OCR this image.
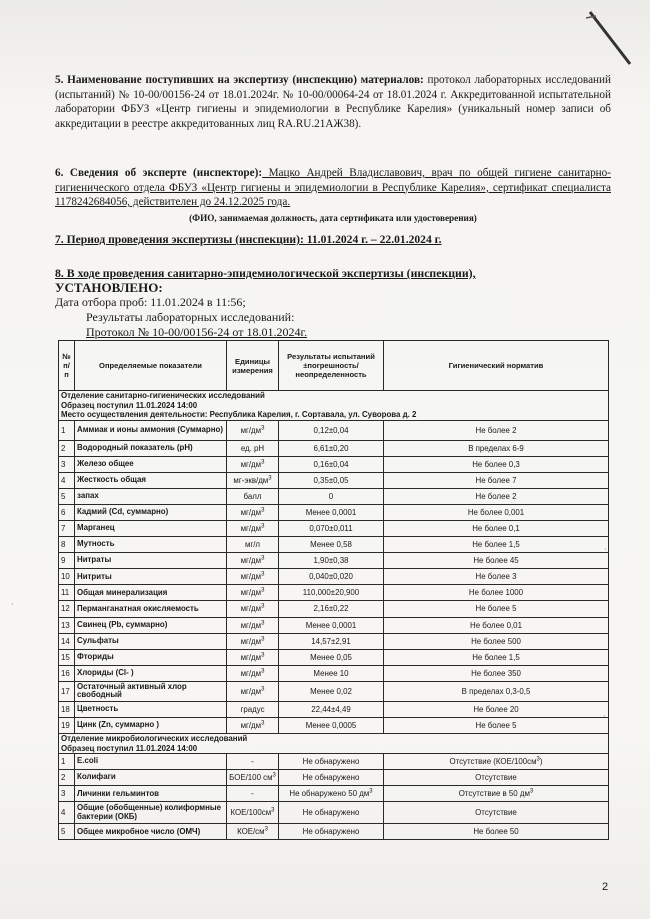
5. Наименование поступивших на экспертизу (инспекцию) материалов: протокол лабораторных исследований (испытаний) № 10-00/00156-24 от 18.01.2024г. № 10-00/00064-24 от 18.01.2024 г. Аккредитованной испытательной лаборатории ФБУЗ «Центр гигиены и эпидемиологии в Республике Карелия» (уникальный номер записи об аккредитации в реестре аккредитованных лиц RA.RU.21АЖ38).
6. Сведения об эксперте (инспекторе): Мацко Андрей Владиславович, врач по общей гигиене санитарно-гигиенического отдела ФБУЗ «Центр гигиены и эпидемиологии в Республике Карелия», сертификат специалиста 1178242684056, действителен до 24.12.2025 года.
(ФИО, занимаемая должность, дата сертификата или удостоверения)
7. Период проведения экспертизы (инспекции): 11.01.2024 г. – 22.01.2024 г.
8. В ходе проведения санитарно-эпидемиологической экспертизы (инспекции),
УСТАНОВЛЕНО:
Дата отбора проб: 11.01.2024 в 11:56;
Результаты лабораторных исследований:
Протокол № 10-00/00156-24 от 18.01.2024г.
№ п/п	Определяемые показатели	Единицы измерения	Результаты испытаний ±погрешность/ неопределенность	Гигиенический норматив

Отделение санитарно-гигиенических исследований
Образец поступил 11.01.2024 14:00
Место осуществления деятельности: Республика Карелия, г. Сортавала, ул. Суворова д. 2				

1	Аммиак и ионы аммония (Суммарно)	$мг/дм^3$	0,12±0,04	Не более 2
2	Водородный показатель (pH)	ед. pH	6,61±0,20	В пределах 6-9
3	Железо общее	$мг/дм^3$	0,16±0,04	Не более 0,3
4	Жесткость общая	$мг-экв/дм^3$	0,35±0,05	Не более 7
5	запах	балл	0	Не более 2
6	Кадмий (Cd, суммарно)	$мг/дм^3$	Менее 0,0001	Не более 0,001
7	Марганец	$мг/дм^3$	0,070±0,011	Не более 0,1
8	Мутность	мг/л	Менее 0,58	Не более 1,5
9	Нитраты	$мг/дм^3$	1,90±0,38	Не более 45
10	Нитриты	$мг/дм^3$	0,040±0,020	Не более 3
11	Общая минерализация	$мг/дм^3$	110,000±20,900	Не более 1000
12	Перманганатная окисляемость	$мг/дм^3$	2,16±0,22	Не более 5
13	Свинец (Pb, суммарно)	$мг/дм^3$	Менее 0,0001	Не более 0,01
14	Сульфаты	$мг/дм^3$	14,57±2,91	Не более 500
15	Фториды	$мг/дм^3$	Менее 0,05	Не более 1,5
16	Хлориды (Cl- )	$мг/дм^3$	Менее 10	Не более 350
17	Остаточный активный хлор свободный	$мг/дм^3$	Менее 0,02	В пределах 0,3-0,5
18	Цветность	градус	22,44±4,49	Не более 20
19	Цинк (Zn, суммарно )	$мг/дм^3$	Менее 0,0005	Не более 5

Отделение микробиологических исследований
Образец поступил 11.01.2024 14:00				

1	E.coli	-	Не обнаружено	Отсутствие $(КОЕ/100см^3)$
2	Колифаги	БОЕ/100 $см^3$	Не обнаружено	Отсутствие
3	Личинки гельминтов	-	Не обнаружено 50 $дм^3$	Отсутствие в 50 $дм^3$
4	Общие (обобщенные) колиформные бактерии (ОКБ)	КОЕ/$100см^3$	Не обнаружено	Отсутствие
5	Общее микробное число (ОМЧ)	КОЕ/$см^3$	Не обнаружено	Не более 50
2
·
·
·
